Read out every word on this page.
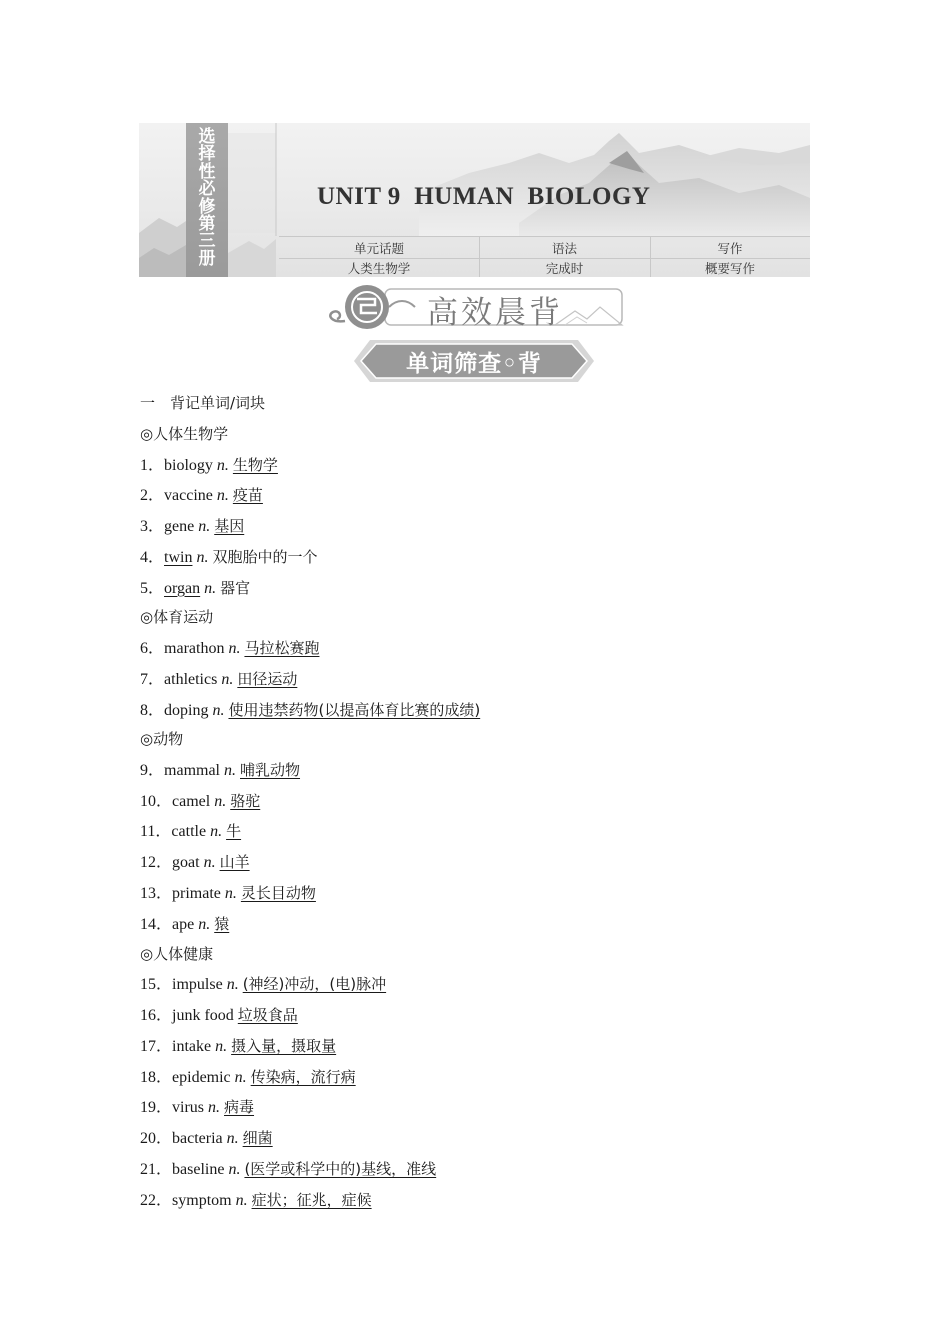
选
择
性
必
修
第
三
册
UNIT 9  HUMAN  BIOLOGY
单元话题
人类生物学
语法
完成时
写作
概要写作
高效晨背
单词筛查◦背
一　背记单词/词块
◎人体生物学
1．biology n. 生物学
2．vaccine n. 疫苗
3．gene n. 基因
4．twin n. 双胞胎中的一个
5．organ n. 器官
◎体育运动
6．marathon n. 马拉松赛跑
7．athletics n. 田径运动
8．doping n. 使用违禁药物(以提高体育比赛的成绩)
◎动物
9．mammal n. 哺乳动物
10．camel n. 骆驼
11．cattle n. 牛
12．goat n. 山羊
13．primate n. 灵长目动物
14．ape n. 猿
◎人体健康
15．impulse n. (神经)冲动，(电)脉冲
16．junk food 垃圾食品
17．intake n. 摄入量，摄取量
18．epidemic n. 传染病，流行病
19．virus n. 病毒
20．bacteria n. 细菌
21．baseline n. (医学或科学中的)基线，准线
22．symptom n. 症状；征兆，症候
